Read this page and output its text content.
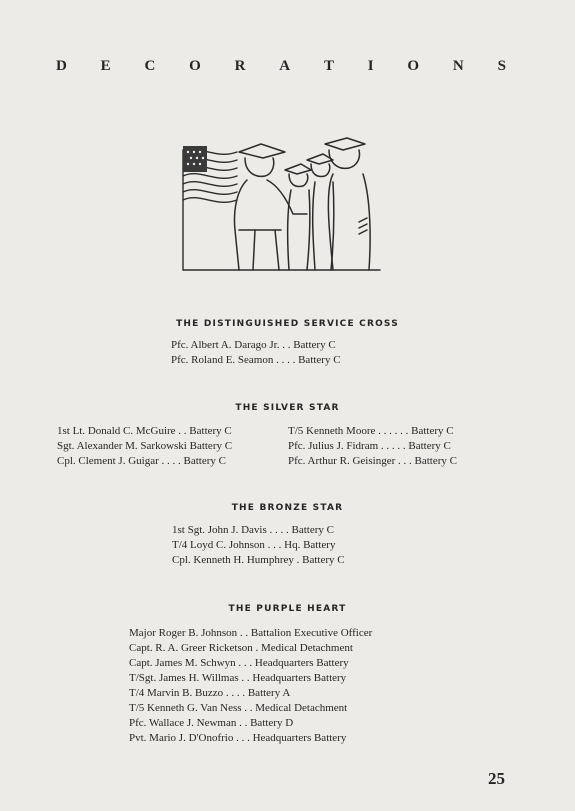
D E C O R A T I O N S
THE DISTINGUISHED SERVICE CROSS
Pfc. Albert A. Darago Jr. . . Battery C
Pfc. Roland E. Seamon . . . . Battery C
THE SILVER STAR
1st Lt. Donald C. McGuire . . Battery C
Sgt. Alexander M. Sarkowski Battery C
Cpl. Clement J. Guigar . . . . Battery C
T/5 Kenneth Moore . . . . . . Battery C
Pfc. Julius J. Fidram . . . . . Battery C
Pfc. Arthur R. Geisinger . . . Battery C
THE BRONZE STAR
1st Sgt. John J. Davis . . . . Battery C
T/4 Loyd C. Johnson . . . Hq. Battery
Cpl. Kenneth H. Humphrey . Battery C
THE PURPLE HEART
Major Roger B. Johnson . . Battalion Executive Officer
Capt. R. A. Greer Ricketson . Medical Detachment
Capt. James M. Schwyn . . . Headquarters Battery
T/Sgt. James H. Willmas . . Headquarters Battery
T/4 Marvin B. Buzzo . . . . Battery A
T/5 Kenneth G. Van Ness . . Medical Detachment
Pfc. Wallace J. Newman . . Battery D
Pvt. Mario J. D'Onofrio . . . Headquarters Battery
25
